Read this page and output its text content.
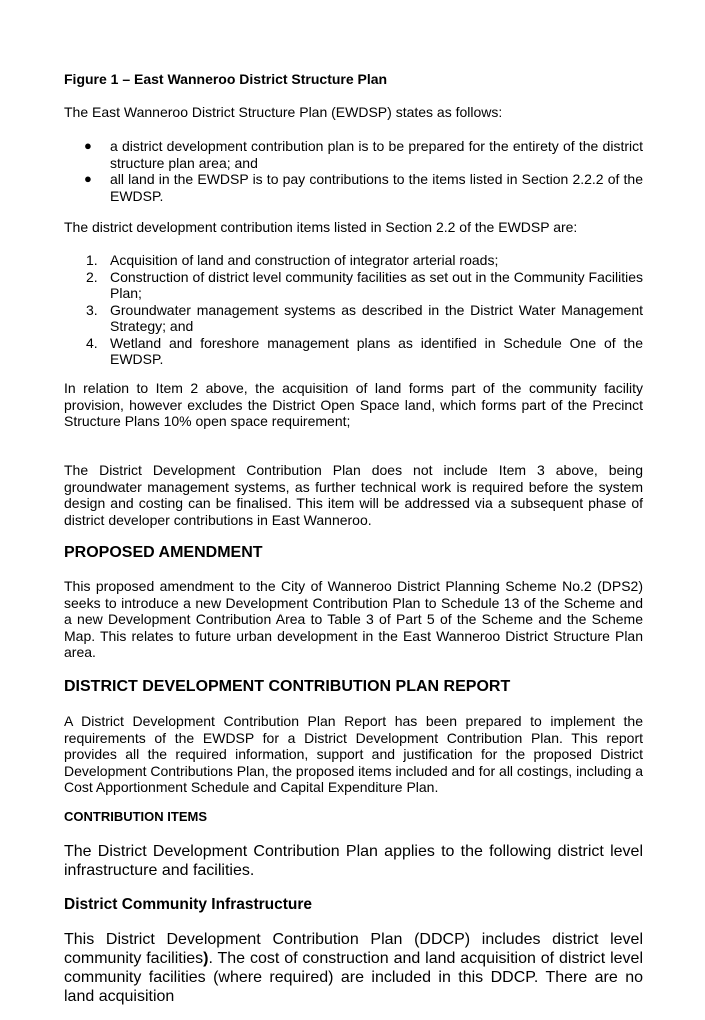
Figure 1 – East Wanneroo District Structure Plan

The East Wanneroo District Structure Plan (EWDSP) states as follows:

● a district development contribution plan is to be prepared for the entirety of the district structure plan area; and
● all land in the EWDSP is to pay contributions to the items listed in Section 2.2.2 of the EWDSP.

The district development contribution items listed in Section 2.2 of the EWDSP are:

1. Acquisition of land and construction of integrator arterial roads;
2. Construction of district level community facilities as set out in the Community Facilities Plan;
3. Groundwater management systems as described in the District Water Management Strategy; and
4. Wetland and foreshore management plans as identified in Schedule One of the EWDSP.

In relation to Item 2 above, the acquisition of land forms part of the community facility provision, however excludes the District Open Space land, which forms part of the Precinct Structure Plans 10% open space requirement;

The District Development Contribution Plan does not include Item 3 above, being groundwater management systems, as further technical work is required before the system design and costing can be finalised. This item will be addressed via a subsequent phase of district developer contributions in East Wanneroo.

PROPOSED AMENDMENT

This proposed amendment to the City of Wanneroo District Planning Scheme No.2 (DPS2) seeks to introduce a new Development Contribution Plan to Schedule 13 of the Scheme and a new Development Contribution Area to Table 3 of Part 5 of the Scheme and the Scheme Map. This relates to future urban development in the East Wanneroo District Structure Plan area.

DISTRICT DEVELOPMENT CONTRIBUTION PLAN REPORT

A District Development Contribution Plan Report has been prepared to implement the requirements of the EWDSP for a District Development Contribution Plan. This report provides all the required information, support and justification for the proposed District Development Contributions Plan, the proposed items included and for all costings, including a Cost Apportionment Schedule and Capital Expenditure Plan.

CONTRIBUTION ITEMS

The District Development Contribution Plan applies to the following district level infrastructure and facilities.

District Community Infrastructure

This District Development Contribution Plan (DDCP) includes district level community facilities). The cost of construction and land acquisition of district level community facilities (where required) are included in this DDCP. There are no land acquisition
